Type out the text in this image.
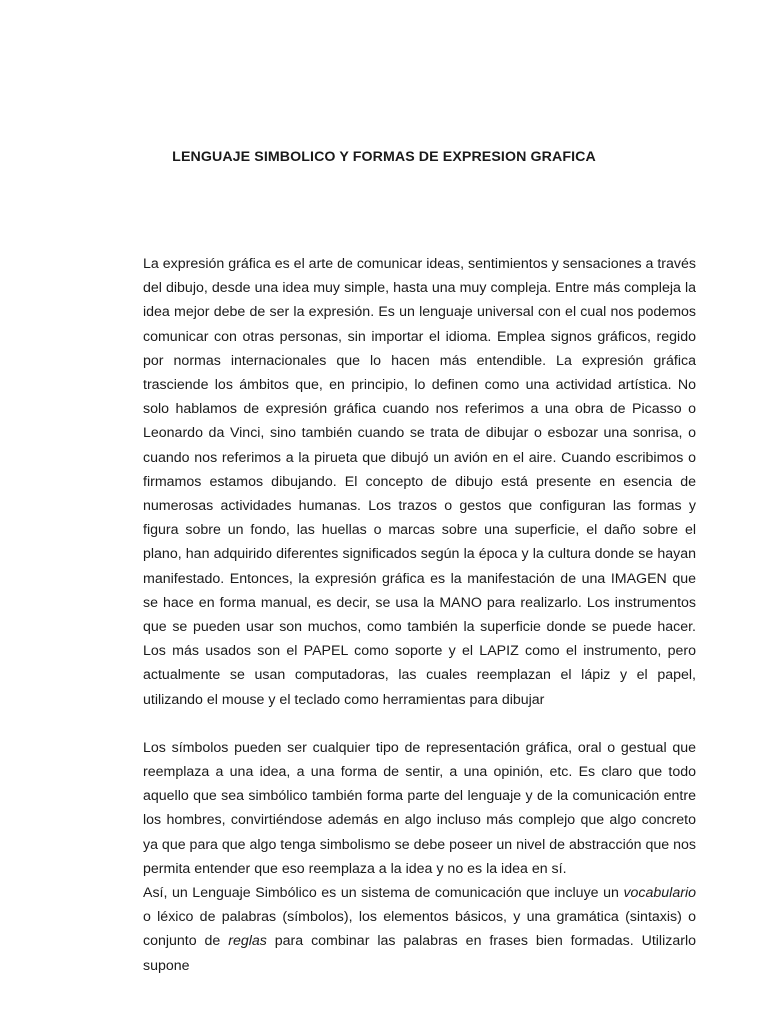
LENGUAJE SIMBOLICO Y FORMAS DE EXPRESION GRAFICA

La expresión gráfica es el arte de comunicar ideas, sentimientos y sensaciones a través del dibujo, desde una idea muy simple, hasta una muy compleja. Entre más compleja la idea mejor debe de ser la expresión. Es un lenguaje universal con el cual nos podemos comunicar con otras personas, sin importar el idioma. Emplea signos gráficos, regido por normas internacionales que lo hacen más entendible. La expresión gráfica trasciende los ámbitos que, en principio, lo definen como una actividad artística. No solo hablamos de expresión gráfica cuando nos referimos a una obra de Picasso o Leonardo da Vinci, sino también cuando se trata de dibujar o esbozar una sonrisa, o cuando nos referimos a la pirueta que dibujó un avión en el aire. Cuando escribimos o firmamos estamos dibujando. El concepto de dibujo está presente en esencia de numerosas actividades humanas. Los trazos o gestos que configuran las formas y figura sobre un fondo, las huellas o marcas sobre una superficie, el daño sobre el plano, han adquirido diferentes significados según la época y la cultura donde se hayan manifestado. Entonces, la expresión gráfica es la manifestación de una IMAGEN que se hace en forma manual, es decir, se usa la MANO para realizarlo. Los instrumentos que se pueden usar son muchos, como también la superficie donde se puede hacer. Los más usados son el PAPEL como soporte y el LAPIZ como el instrumento, pero actualmente se usan computadoras, las cuales reemplazan el lápiz y el papel, utilizando el mouse y el teclado como herramientas para dibujar

Los símbolos pueden ser cualquier tipo de representación gráfica, oral o gestual que reemplaza a una idea, a una forma de sentir, a una opinión, etc. Es claro que todo aquello que sea simbólico también forma parte del lenguaje y de la comunicación entre los hombres, convirtiéndose además en algo incluso más complejo que algo concreto ya que para que algo tenga simbolismo se debe poseer un nivel de abstracción que nos permita entender que eso reemplaza a la idea y no es la idea en sí.

Así, un Lenguaje Simbólico es un sistema de comunicación que incluye un vocabulario o léxico de palabras (símbolos), los elementos básicos, y una gramática (sintaxis) o conjunto de reglas para combinar las palabras en frases bien formadas. Utilizarlo supone
